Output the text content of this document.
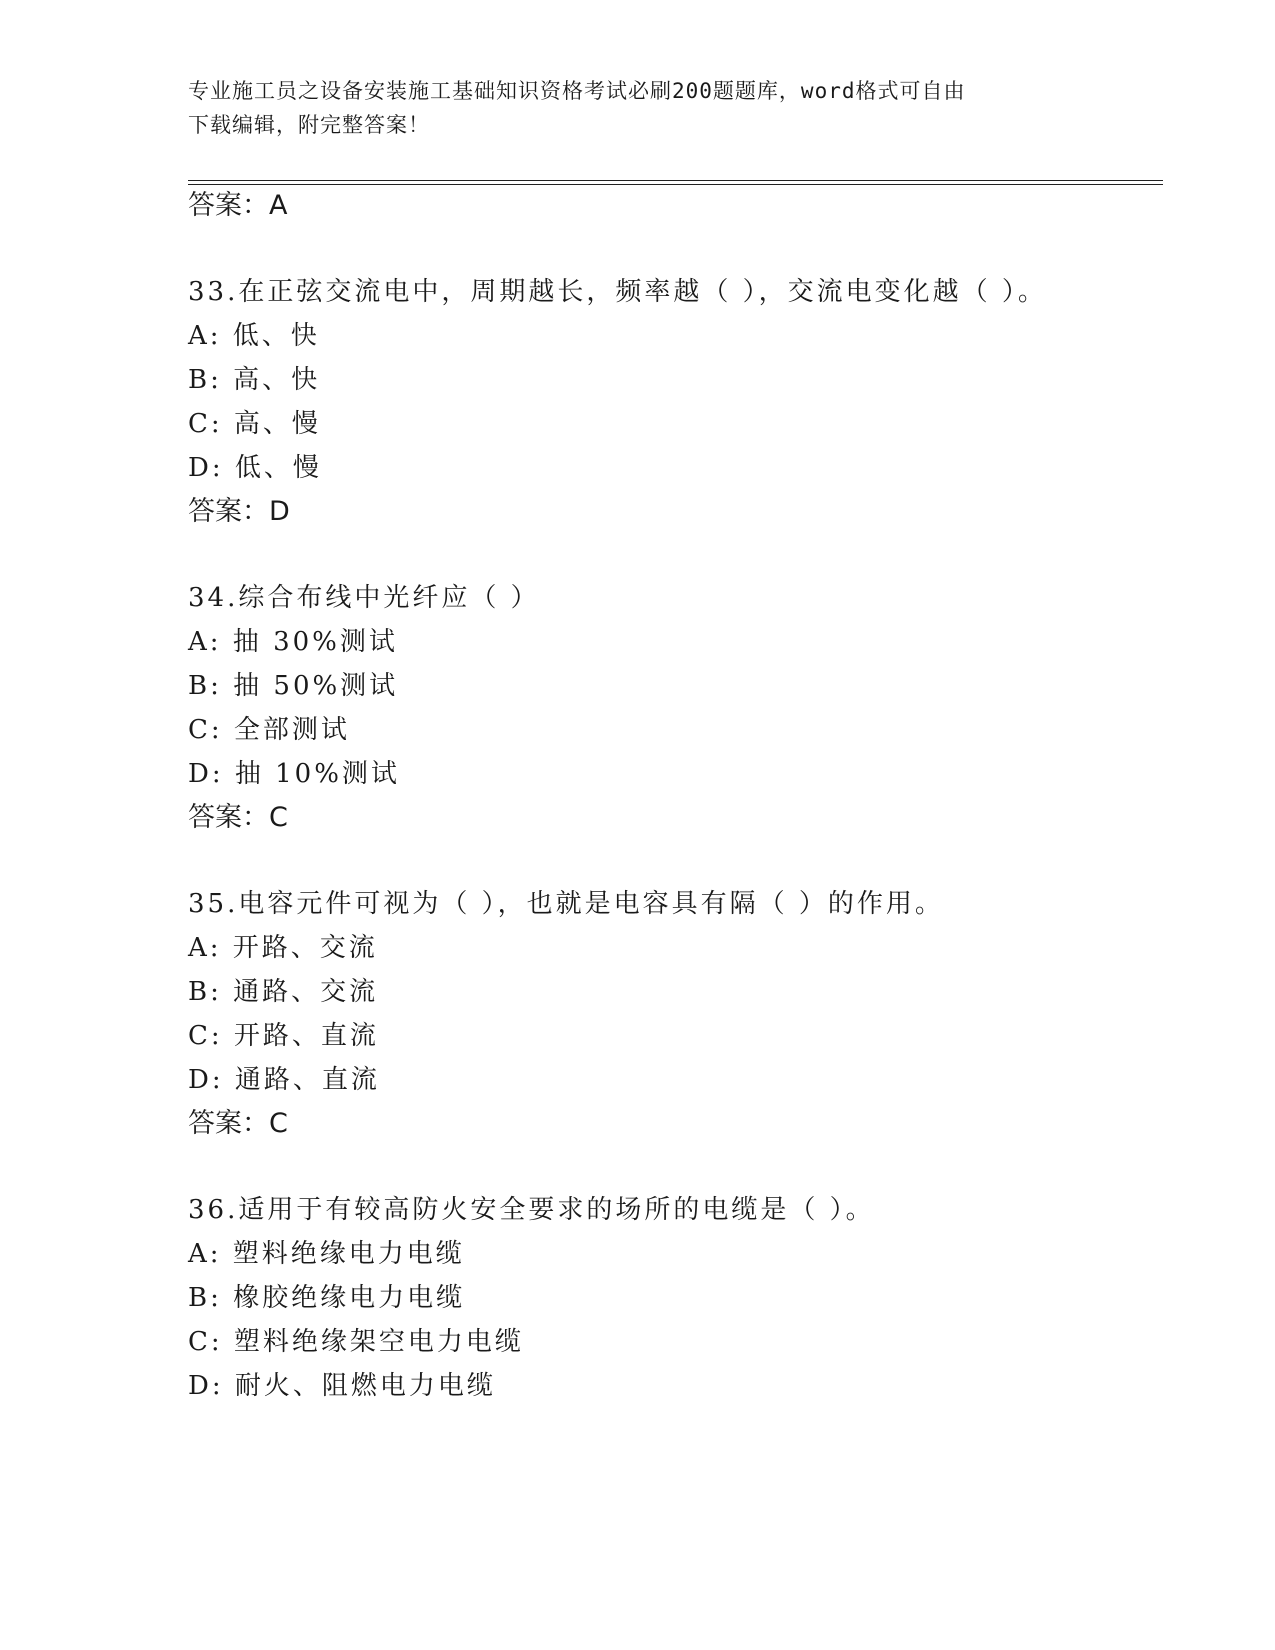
专业施工员之设备安装施工基础知识资格考试必刷200题题库，word格式可自由
下载编辑，附完整答案！
答案：A
33.在正弦交流电中，周期越长，频率越（ ），交流电变化越（ ）。
A: 低、快
B: 高、快
C: 高、慢
D: 低、慢
答案：D
34.综合布线中光纤应（ ）
A: 抽 30%测试
B: 抽 50%测试
C: 全部测试
D: 抽 10%测试
答案：C
35.电容元件可视为（ ），也就是电容具有隔（ ）的作用。
A: 开路、交流
B: 通路、交流
C: 开路、直流
D: 通路、直流
答案：C
36.适用于有较高防火安全要求的场所的电缆是（ ）。
A: 塑料绝缘电力电缆
B: 橡胶绝缘电力电缆
C: 塑料绝缘架空电力电缆
D: 耐火、阻燃电力电缆
